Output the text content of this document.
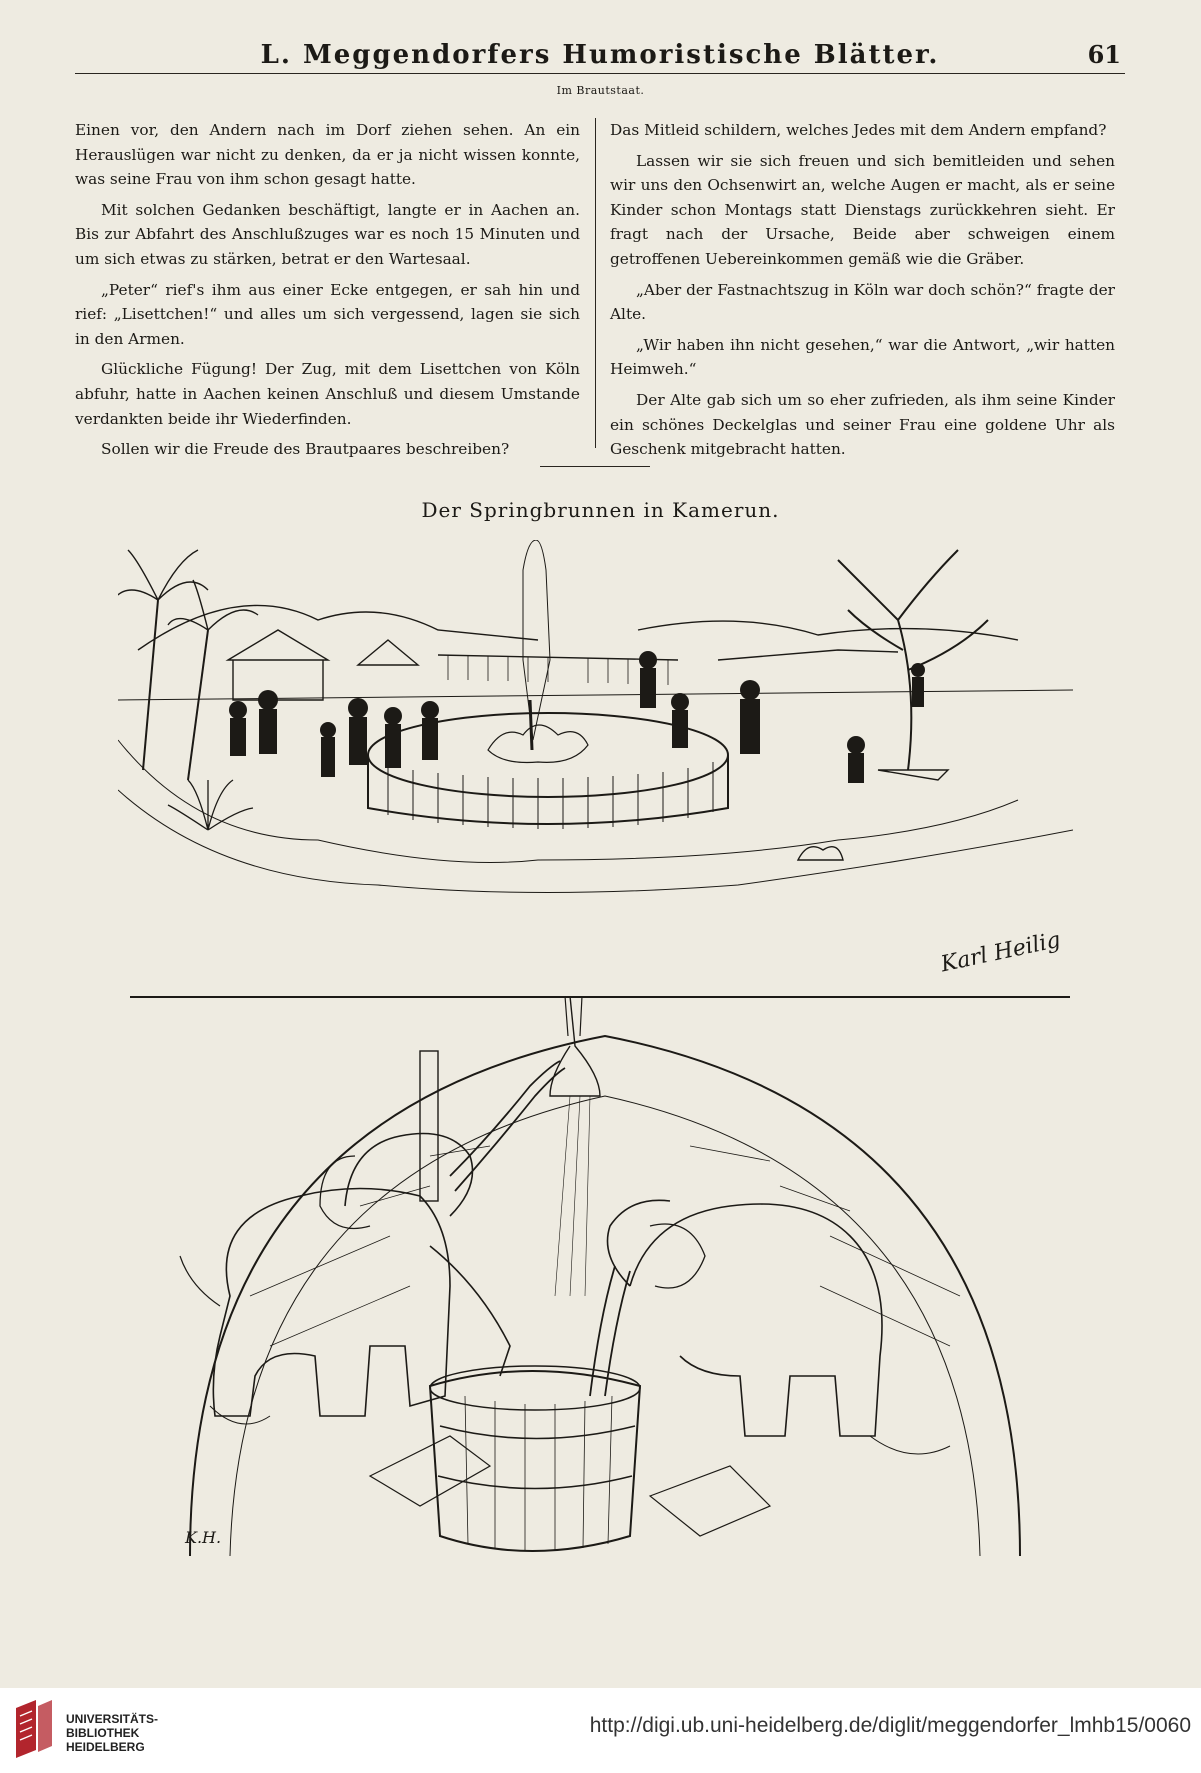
L. Meggendorfers Humoristische Blätter.	61
Im Brautstaat.

Einen vor, den Andern nach im Dorf ziehen sehen. An ein Herauslügen war nicht zu denken, da er ja nicht wissen konnte, was seine Frau von ihm schon gesagt hatte.

Mit solchen Gedanken beschäftigt, langte er in Aachen an. Bis zur Abfahrt des Anschlußzuges war es noch 15 Minuten und um sich etwas zu stärken, betrat er den Wartesaal.

„Peter“ rief's ihm aus einer Ecke entgegen, er sah hin und rief: „Lisettchen!“ und alles um sich vergessend, lagen sie sich in den Armen.

Glückliche Fügung! Der Zug, mit dem Lisettchen von Köln abfuhr, hatte in Aachen keinen Anschluß und diesem Umstande verdankten beide ihr Wiederfinden.

Sollen wir die Freude des Brautpaares beschreiben?

Das Mitleid schildern, welches Jedes mit dem Andern empfand?

Lassen wir sie sich freuen und sich bemitleiden und sehen wir uns den Ochsenwirt an, welche Augen er macht, als er seine Kinder schon Montags statt Dienstags zurückkehren sieht. Er fragt nach der Ursache, Beide aber schweigen einem getroffenen Uebereinkommen gemäß wie die Gräber.

„Aber der Fastnachtszug in Köln war doch schön?“ fragte der Alte.

„Wir haben ihn nicht gesehen,“ war die Antwort, „wir hatten Heimweh.“

Der Alte gab sich um so eher zufrieden, als ihm seine Kinder ein schönes Deckelglas und seiner Frau eine goldene Uhr als Geschenk mitgebracht hatten.

Der Springbrunnen in Kamerun.
Karl Heilig
K.H.
UNIVERSITÄTS-
BIBLIOTHEK
HEIDELBERG
http://digi.ub.uni-heidelberg.de/diglit/meggendorfer_lmhb15/0060
